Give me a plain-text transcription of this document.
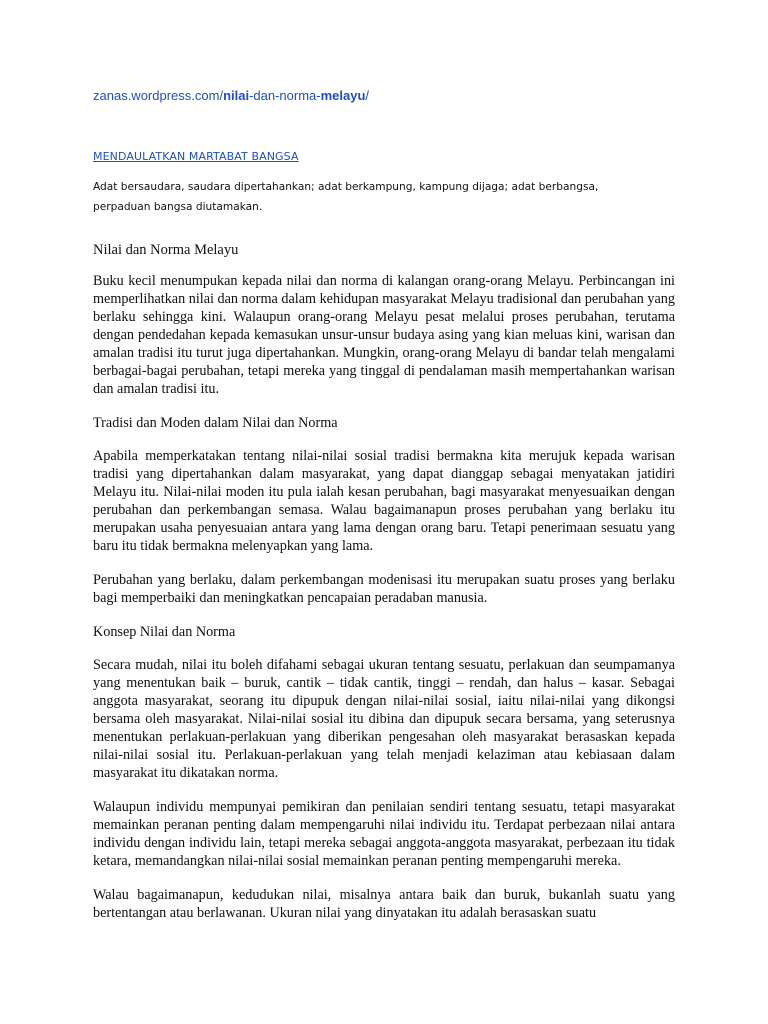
zanas.wordpress.com/nilai-dan-norma-melayu/
MENDAULATKAN MARTABAT BANGSA
Adat bersaudara, saudara dipertahankan; adat berkampung, kampung dijaga; adat berbangsa, perpaduan bangsa diutamakan.
Nilai dan Norma Melayu

Buku kecil menumpukan kepada nilai dan norma di kalangan orang-orang Melayu. Perbincangan ini memperlihatkan nilai dan norma dalam kehidupan masyarakat Melayu tradisional dan perubahan yang berlaku sehingga kini. Walaupun orang-orang Melayu pesat melalui proses perubahan, terutama dengan pendedahan kepada kemasukan unsur-unsur budaya asing yang kian meluas kini, warisan dan amalan tradisi itu turut juga dipertahankan. Mungkin, orang-orang Melayu di bandar telah mengalami berbagai-bagai perubahan, tetapi mereka yang tinggal di pendalaman masih mempertahankan warisan dan amalan tradisi itu.

Tradisi dan Moden dalam Nilai dan Norma

Apabila memperkatakan tentang nilai-nilai sosial tradisi bermakna kita merujuk kepada warisan tradisi yang dipertahankan dalam masyarakat, yang dapat dianggap sebagai menyatakan jatidiri Melayu itu. Nilai-nilai moden itu pula ialah kesan perubahan, bagi masyarakat menyesuaikan dengan perubahan dan perkembangan semasa. Walau bagaimanapun proses perubahan yang berlaku itu merupakan usaha penyesuaian antara yang lama dengan orang baru. Tetapi penerimaan sesuatu yang baru itu tidak bermakna melenyapkan yang lama.

Perubahan yang berlaku, dalam perkembangan modenisasi itu merupakan suatu proses yang berlaku bagi memperbaiki dan meningkatkan pencapaian peradaban manusia.

Konsep Nilai dan Norma

Secara mudah, nilai itu boleh difahami sebagai ukuran tentang sesuatu, perlakuan dan seumpamanya yang menentukan baik – buruk, cantik – tidak cantik, tinggi – rendah, dan halus – kasar. Sebagai anggota masyarakat, seorang itu dipupuk dengan nilai-nilai sosial, iaitu nilai-nilai yang dikongsi bersama oleh masyarakat. Nilai-nilai sosial itu dibina dan dipupuk secara bersama, yang seterusnya menentukan perlakuan-perlakuan yang diberikan pengesahan oleh masyarakat berasaskan kepada nilai-nilai sosial itu. Perlakuan-perlakuan yang telah menjadi kelaziman atau kebiasaan dalam masyarakat itu dikatakan norma.

Walaupun individu mempunyai pemikiran dan penilaian sendiri tentang sesuatu, tetapi masyarakat memainkan peranan penting dalam mempengaruhi nilai individu itu. Terdapat perbezaan nilai antara individu dengan individu lain, tetapi mereka sebagai anggota-anggota masyarakat, perbezaan itu tidak ketara, memandangkan nilai-nilai sosial memainkan peranan penting mempengaruhi mereka.

Walau bagaimanapun, kedudukan nilai, misalnya antara baik dan buruk, bukanlah suatu yang bertentangan atau berlawanan. Ukuran nilai yang dinyatakan itu adalah berasaskan suatu
